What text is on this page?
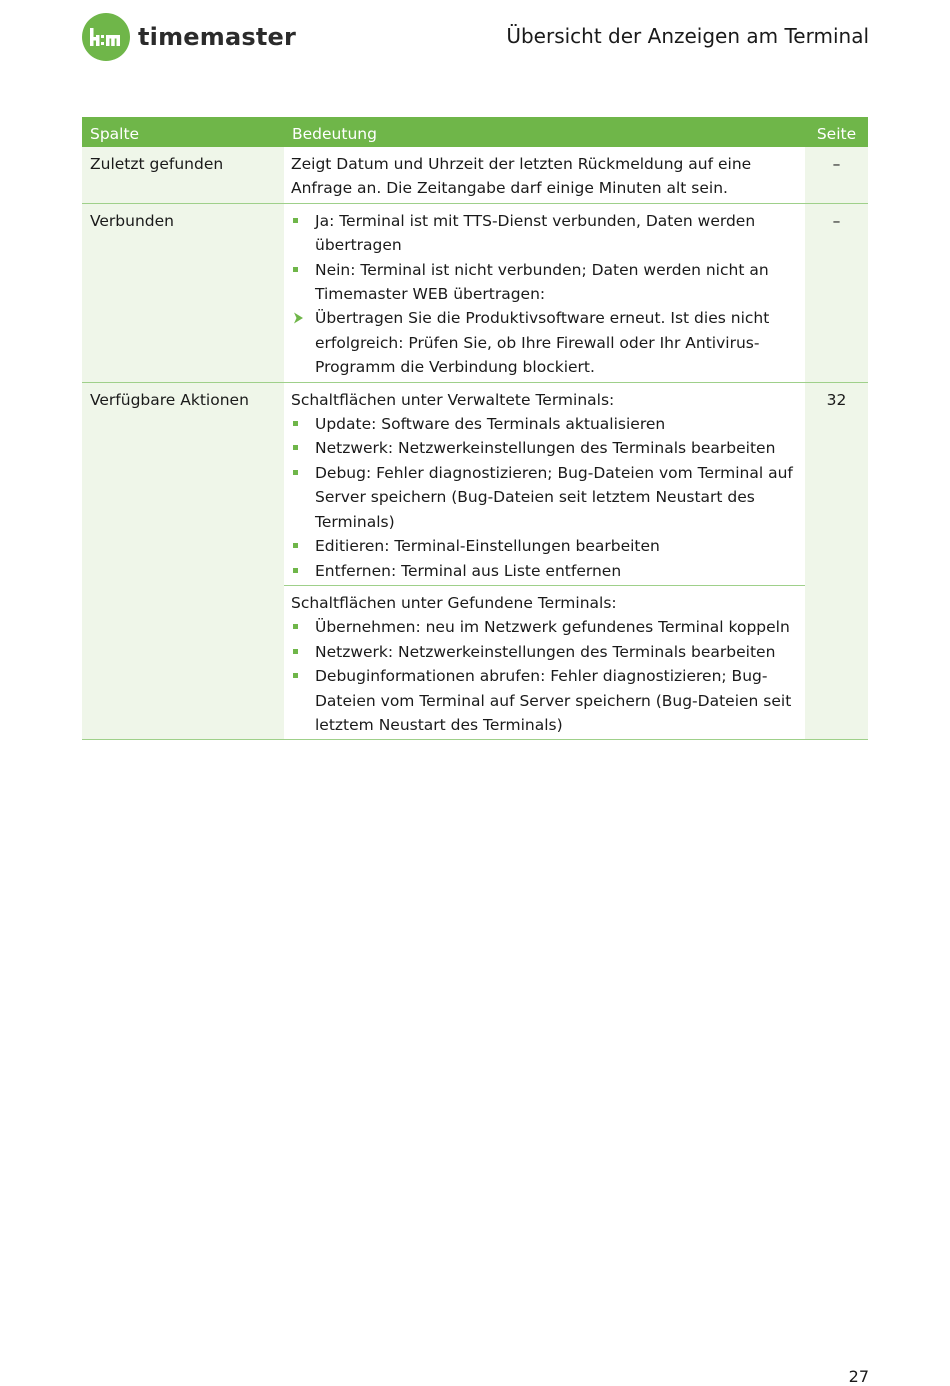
timemaster	Übersicht der Anzeigen am Terminal
Spalte	Bedeutung	Seite
Zuletzt gefunden	Zeigt Datum und Uhrzeit der letzten Rückmeldung auf eine Anfrage an. Die Zeitangabe darf einige Minuten alt sein.
–
Verbunden	Ja: Terminal ist mit TTS-Dienst verbunden, Daten werden übertragen
Nein: Terminal ist nicht verbunden; Daten werden nicht an Timemaster WEB übertragen:
Übertragen Sie die Produktivsoftware erneut. Ist dies nicht erfolgreich: Prüfen Sie, ob Ihre Firewall oder Ihr Antivirus-Programm die Verbindung blockiert.
–
Verfügbare Aktionen	Schaltflächen unter Verwaltete Terminals:
Update: Software des Terminals aktualisieren
Netzwerk: Netzwerkeinstellungen des Terminals bearbeiten
Debug: Fehler diagnostizieren; Bug-Dateien vom Terminal auf Server speichern (Bug-Dateien seit letztem Neustart des Terminals)
Editieren: Terminal-Einstellungen bearbeiten
Entfernen: Terminal aus Liste entfernen
Schaltflächen unter Gefundene Terminals:
Übernehmen: neu im Netzwerk gefundenes Terminal koppeln
Netzwerk: Netzwerkeinstellungen des Terminals bearbeiten
Debuginformationen abrufen: Fehler diagnostizieren; Bug-Dateien vom Terminal auf Server speichern (Bug-Dateien seit letztem Neustart des Terminals)
32
27
